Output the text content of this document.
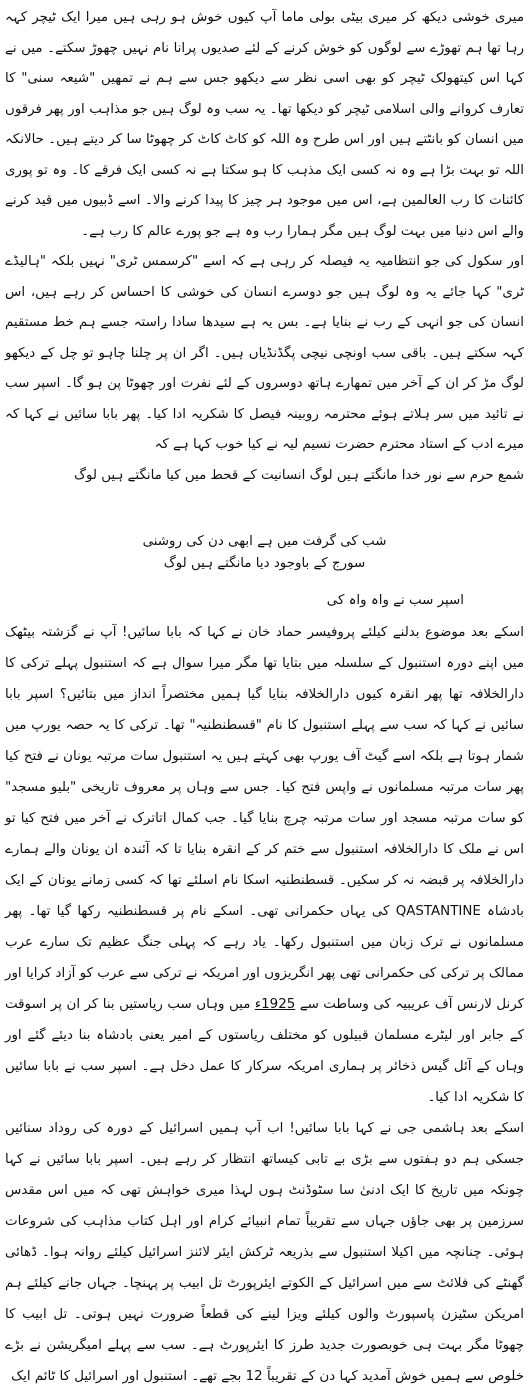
میری خوشی دیکھ کر میری بیٹی بولی ماما آپ کیوں خوش ہو رہی ہیں میرا ایک ٹیچر کہہ رہا تھا ہم تھوڑے سے لوگوں کو خوش کرنے کے لئے صدیوں پرانا نام نہیں چھوڑ سکتے۔ میں نے کہا اس کیتھولک ٹیچر کو بھی اسی نظر سے دیکھو جس سے ہم نے تمھیں "شیعہ سنی" کا تعارف کروانے والی اسلامی ٹیچر کو دیکھا تھا۔ یہ سب وہ لوگ ہیں جو مذاہب اور پھر فرقوں میں انسان کو بانٹتے ہیں اور اس طرح وہ اللہ کو کاٹ کاٹ کر چھوٹا سا کر دیتے ہیں۔ حالانکہ اللہ تو بہت بڑا ہے وہ نہ کسی ایک مذہب کا ہو سکتا ہے نہ کسی ایک فرقے کا۔ وہ تو پوری کائنات کا رب العالمین ہے، اس میں موجود ہر چیز کا پیدا کرنے والا۔ اسے ڈبیوں میں قید کرنے والے اس دنیا میں بہت لوگ ہیں مگر ہمارا رب وہ ہے جو پورے عالم کا رب ہے۔

اور سکول کی جو انتظامیہ یہ فیصلہ کر رہی ہے کہ اسے "کرسمس ٹری" نہیں بلکہ "ہالیڈے ٹری" کہا جائے یہ وہ لوگ ہیں جو دوسرے انسان کی خوشی کا احساس کر رہے ہیں، اس انسان کی جو انہی کے رب نے بنایا ہے۔ بس یہ ہے سیدھا سادا راستہ جسے ہم خط مستقیم کہہ سکتے ہیں۔ باقی سب اونچی نیچی پگڈنڈیاں ہیں۔ اگر ان پر چلنا چاہو تو چل کے دیکھو لوگ مڑ کر ان کے آخر میں تمھارے ہاتھ دوسروں کے لئے نفرت اور چھوٹا پن ہو گا۔ اسپر سب نے تائید میں سر ہلاتے ہوئے محترمہ روبینہ فیصل کا شکریہ ادا کیا۔ پھر بابا سائیں نے کہا کہ میرے ادب کے استاد محترم حضرت نسیم لیہ نے کیا خوب کہا ہے کہ

شمع حرم سے نور خدا مانگتے ہیں لوگ انسانیت کے قحط میں کیا مانگتے ہیں لوگ

شب کی گرفت میں ہے ابھی دن کی روشنی

سورج کے باوجود دیا مانگتے ہیں لوگ

اسپر سب نے واہ واہ کی

اسکے بعد موضوع بدلنے کیلئے پروفیسر حماد خان نے کہا کہ بابا سائیں! آپ نے گزشتہ بیٹھک میں اپنے دورہ استنبول کے سلسلہ میں بتایا تھا مگر میرا سوال ہے کہ استنبول پہلے ترکی کا دارالخلافہ تھا پھر انقرہ کیوں دارالخلافہ بنایا گیا ہمیں مختصراً انداز میں بتائیں؟ اسپر بابا سائیں نے کہا کہ سب سے پہلے استنبول کا نام "قسطنطنیہ" تھا۔ ترکی کا یہ حصہ یورپ میں شمار ہوتا ہے بلکہ اسے گیٹ آف یورپ بھی کہتے ہیں یہ استنبول سات مرتبہ یونان نے فتح کیا پھر سات مرتبہ مسلمانوں نے واپس فتح کیا۔ جس سے وہاں پر معروف تاریخی "بلیو مسجد" کو سات مرتبہ مسجد اور سات مرتبہ چرچ بنایا گیا۔ جب کمال اتاترک نے آخر میں فتح کیا تو اس نے ملک کا دارالخلافہ استنبول سے ختم کر کے انقرہ بنایا تا کہ آئندہ ان یونان والے ہمارے دارالخلافہ پر قبضہ نہ کر سکیں۔ قسطنطنیہ اسکا نام اسلئے تھا کہ کسی زمانے یونان کے ایک بادشاہ QASTANTINE کی یہاں حکمرانی تھی۔ اسکے نام پر قسطنطنیہ رکھا گیا تھا۔ پھر مسلمانوں نے ترک زبان میں استنبول رکھا۔ یاد رہے کہ پہلی جنگ عظیم تک سارے عرب ممالک پر ترکی کی حکمرانی تھی پھر انگریزوں اور امریکہ نے ترکی سے عرب کو آزاد کرایا اور کرنل لارنس آف عریبیہ کی وساطت سے 1925ء میں وہاں سب ریاستیں بنا کر ان پر اسوقت کے جابر اور لیٹرے مسلمان قبیلوں کو مختلف ریاستوں کے امیر یعنی بادشاہ بنا دیئے گئے اور وہاں کے آئل گیس ذخائر پر ہماری امریکہ سرکار کا عمل دخل ہے۔ اسپر سب نے بابا سائیں کا شکریہ ادا کیا۔

اسکے بعد ہاشمی جی نے کہا بابا سائیں! اب آپ ہمیں اسرائیل کے دورہ کی روداد سنائیں جسکی ہم دو ہفتوں سے بڑی بے تابی کیساتھ انتظار کر رہے ہیں۔ اسپر بابا سائیں نے کہا چونکہ میں تاریخ کا ایک ادنیٰ سا سٹوڈنٹ ہوں لہذا میری خواہش تھی کہ میں اس مقدس سرزمین پر بھی جاؤں جہاں سے تقریباً تمام انبیائے کرام اور اہل کتاب مذاہب کی شروعات ہوئی۔ چنانچہ میں اکیلا استنبول سے بذریعہ ٹرکش ایئر لائنز اسرائیل کیلئے روانہ ہوا۔ ڈھائی گھنٹے کی فلائٹ سے میں اسرائیل کے الکوتے ایئرپورٹ تل ابیب پر پہنچا۔ جہاں جانے کیلئے ہم امریکن سٹیزن پاسپورٹ والوں کیلئے ویزا لینے کی قطعاً ضرورت نہیں ہوتی۔ تل ابیب کا چھوٹا مگر بہت ہی خوبصورت جدید طرز کا ایئرپورٹ ہے۔ سب سے پہلے امیگریشن نے بڑے خلوص سے ہمیں خوش آمدید کہا دن کے تقریباً 12 بجے تھے۔ استنبول اور اسرائیل کا ٹائم ایک
